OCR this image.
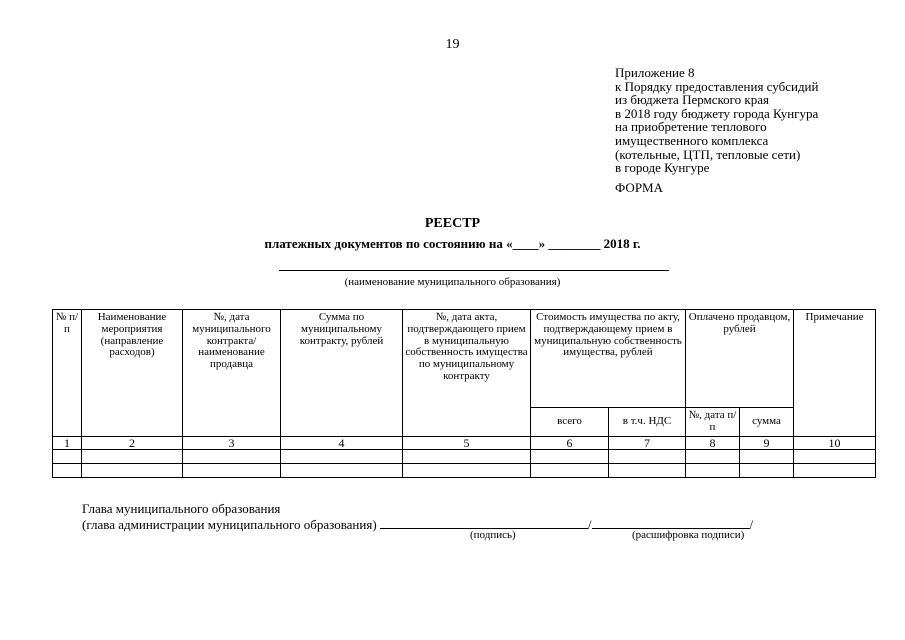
19
Приложение 8
к Порядку предоставления субсидий
из бюджета Пермского края
в 2018 году бюджету города Кунгура
на приобретение теплового
имущественного комплекса
(котельные, ЦТП, тепловые сети)
в городе Кунгуре
ФОРМА
РЕЕСТР
платежных документов по состоянию на «____» ________ 2018 г.
(наименование муниципального образования)
№ п/п	Наименование мероприятия (направление расходов)	№, дата муниципального контракта/ наименование продавца	Сумма по муниципальному контракту, рублей	№, дата акта, подтверждающего прием в муниципальную собственность имущества по муниципальному контракту	Стоимость имущества по акту, подтверждающему прием в муниципальную собственность имущества, рублей		Оплачено продавцом, рублей		Примечание
					всего	в т.ч. НДС	№, дата п/п	сумма	
1	2	3	4	5	6	7	8	9	10

Глава муниципального образования
(глава администрации муниципального образования)	/	/
(подпись)	(расшифровка подписи)
